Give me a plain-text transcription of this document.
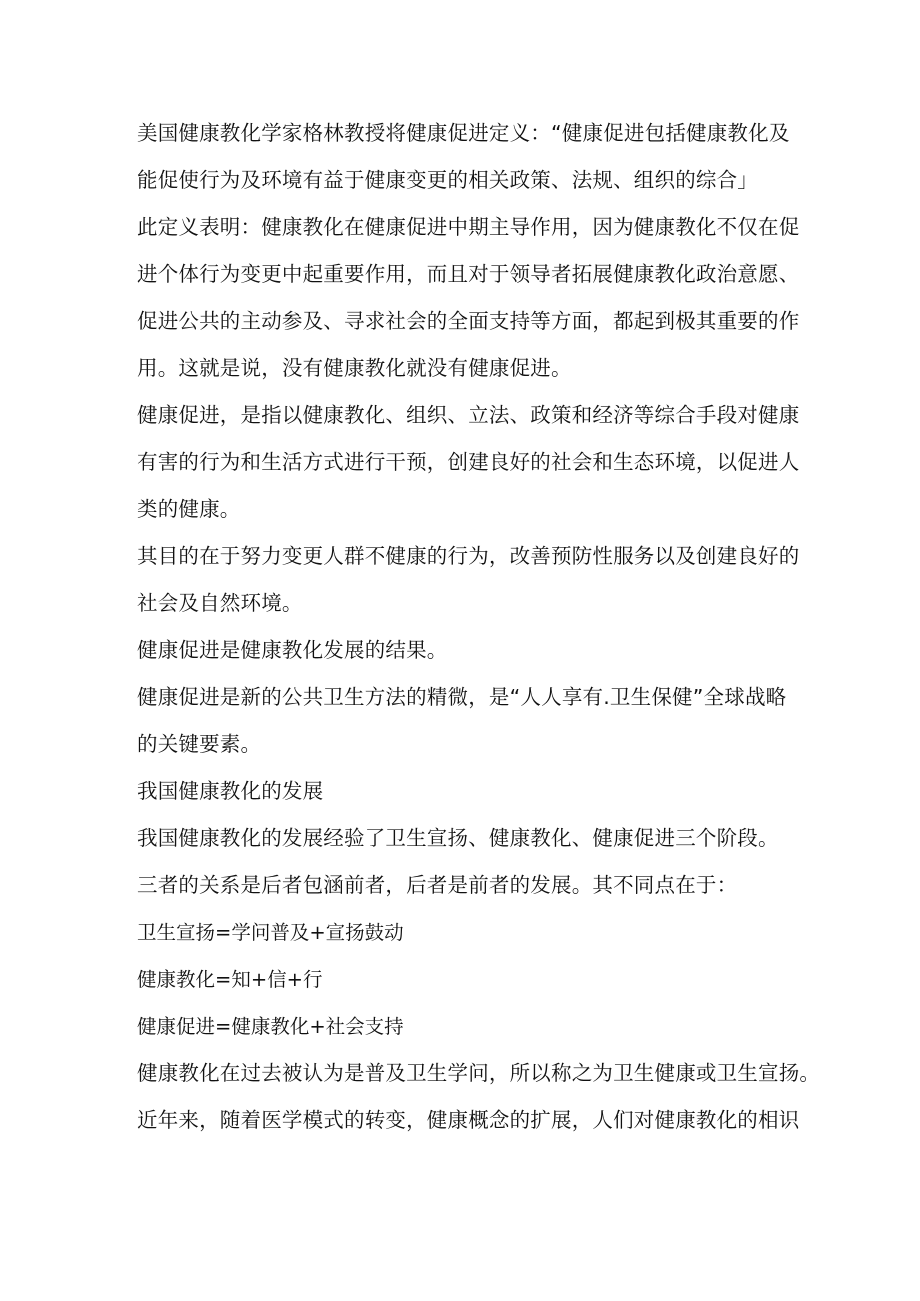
美国健康教化学家格林教授将健康促进定义：“健康促进包括健康教化及
能促使行为及环境有益于健康变更的相关政策、法规、组织的综合」
此定义表明：健康教化在健康促进中期主导作用，因为健康教化不仅在促
进个体行为变更中起重要作用，而且对于领导者拓展健康教化政治意愿、
促进公共的主动参及、寻求社会的全面支持等方面，都起到极其重要的作
用。这就是说，没有健康教化就没有健康促进。
健康促进，是指以健康教化、组织、立法、政策和经济等综合手段对健康
有害的行为和生活方式进行干预，创建良好的社会和生态环境，以促进人
类的健康。
其目的在于努力变更人群不健康的行为，改善预防性服务以及创建良好的
社会及自然环境。
健康促进是健康教化发展的结果。
健康促进是新的公共卫生方法的精微，是“人人享有.卫生保健”全球战略
的关键要素。
我国健康教化的发展
我国健康教化的发展经验了卫生宣扬、健康教化、健康促进三个阶段。
三者的关系是后者包涵前者，后者是前者的发展。其不同点在于：
卫生宣扬=学问普及+宣扬鼓动
健康教化=知+信+行
健康促进=健康教化+社会支持
健康教化在过去被认为是普及卫生学问，所以称之为卫生健康或卫生宣扬。
近年来，随着医学模式的转变，健康概念的扩展，人们对健康教化的相识
